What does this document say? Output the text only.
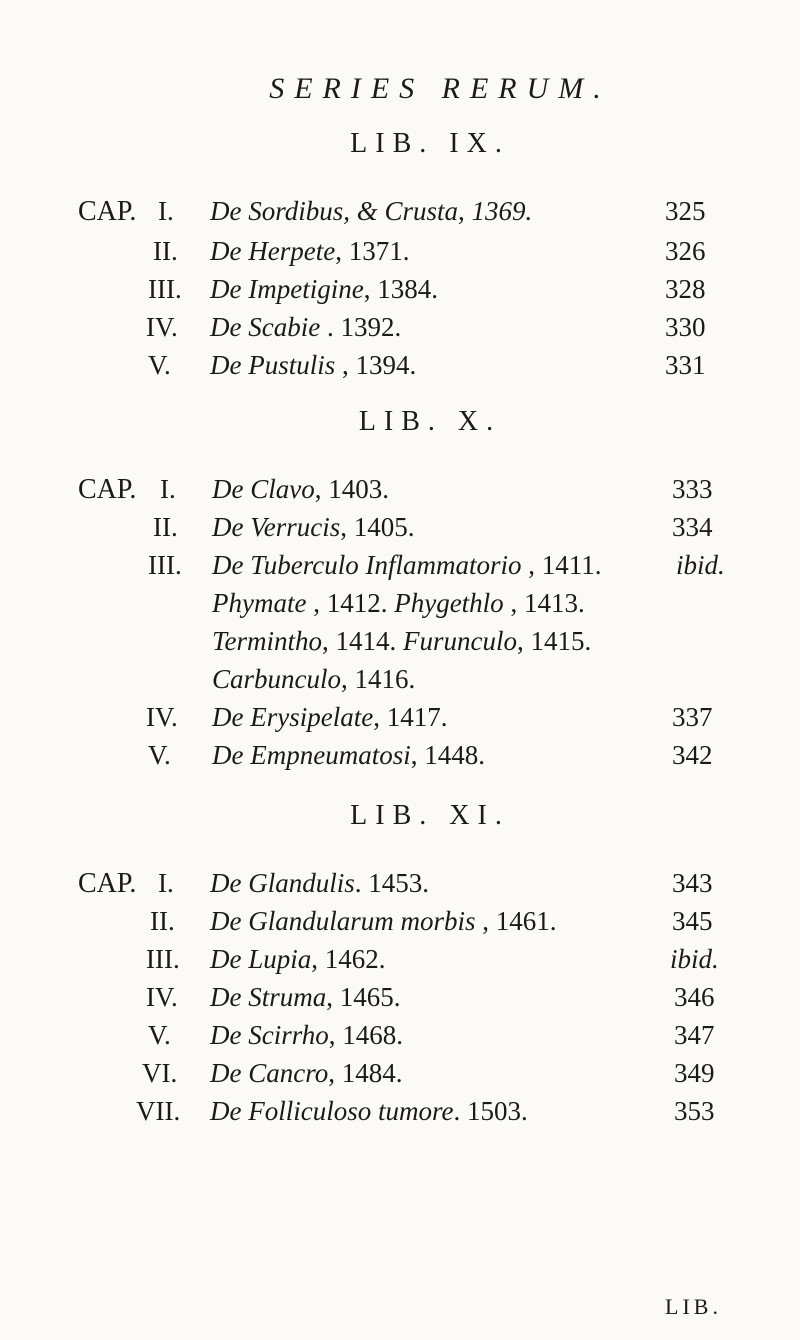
SERIES RERUM.
LIB. IX.
CAP. I. De Sordibus, & Crusta, 1369.	325
II. De Herpete, 1371.	326
III. De Impetigine, 1384.	328
IV. De Scabie . 1392.	330
V. De Pustulis , 1394.	331
LIB. X.
CAP. I. De Clavo, 1403.	333
II. De Verrucis, 1405.	334
III. De Tuberculo Inflammatorio , 1411.	ibid.
Phymate , 1412. Phygethlo , 1413.
Terminthο, 1414. Furunculo, 1415.
Carbunculo, 1416.
IV. De Erysipelate, 1417.	337
V. De Empneumatosi, 1448.	342
LIB. XI.
CAP. I. De Glandulis. 1453.	343
II. De Glandularum morbis , 1461.	345
III. De Lupia, 1462.	ibid.
IV. De Struma, 1465.	346
V. De Scirrho, 1468.	347
VI. De Cancro, 1484.	349
VII. De Folliculoso tumore. 1503.	353
LIB.
